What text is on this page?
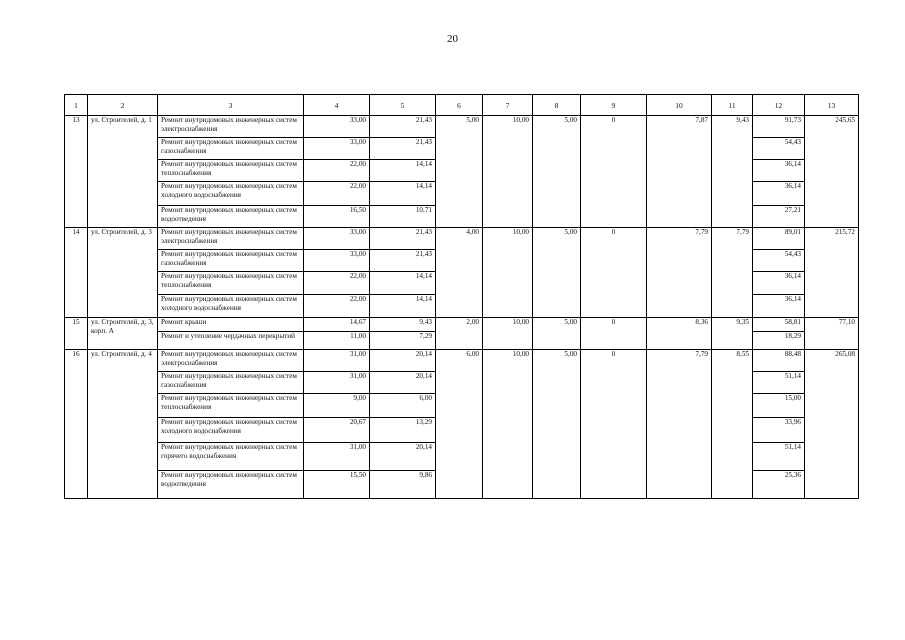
20
1	2	3	4	5	6	7	8	9	10	11	12	13
13	ул. Строителей, д. 1	Ремонт внутридомовых инженерных систем электроснабжения	33,00	21,43	5,00	10,00	5,00	0	7,87	9,43	91,73	245,65
		Ремонт внутридомовых инженерных систем газоснабжения	33,00	21,43							54,43	
		Ремонт внутридомовых инженерных систем теплоснабжения	22,00	14,14							36,14	
		Ремонт внутридомовых инженерных систем холодного водоснабжения	22,00	14,14							36,14	
		Ремонт внутридомовых инженерных систем водоотведения	16,50	10,71							27,21	
14	ул. Строителей, д. 3	Ремонт внутридомовых инженерных систем электроснабжения	33,00	21,43	4,00	10,00	5,00	0	7,79	7,79	89,01	215,72
		Ремонт внутридомовых инженерных систем газоснабжения	33,00	21,43							54,43	
		Ремонт внутридомовых инженерных систем теплоснабжения	22,00	14,14							36,14	
		Ремонт внутридомовых инженерных систем холодного водоснабжения	22,00	14,14							36,14	
15	ул. Строителей, д. 3, корп. А	Ремонт крыши	14,67	9,43	2,00	10,00	5,00	0	8,36	9,35	58,81	77,10
		Ремонт и утепление чердачных перекрытий	11,00	7,29							18,29	
16	ул. Строителей, д. 4	Ремонт внутридомовых инженерных систем электроснабжения	31,00	20,14	6,00	10,00	5,00	0	7,79	8,55	88,48	265,08
		Ремонт внутридомовых инженерных систем газоснабжения	31,00	20,14							51,14	
		Ремонт внутридомовых инженерных систем теплоснабжения	9,00	6,00							15,00	
		Ремонт внутридомовых инженерных систем холодного водоснабжения	20,67	13,29							33,96	
		Ремонт внутридомовых инженерных систем горячего водоснабжения	31,00	20,14							51,14	
		Ремонт внутридомовых инженерных систем водоотведения	15,50	9,86							25,36	
